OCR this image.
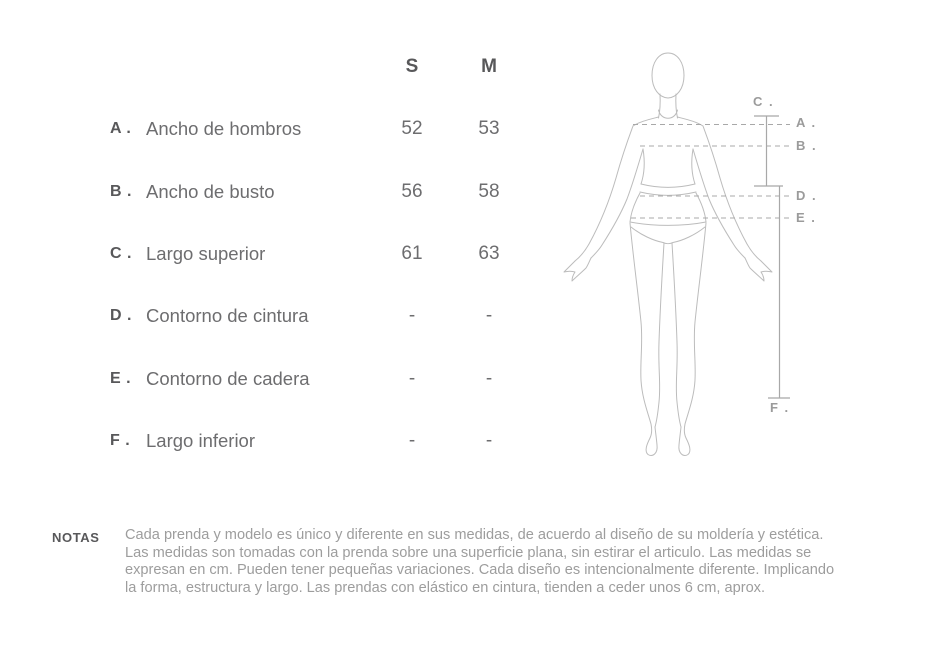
S	M
A . Ancho de hombros	52	53
B . Ancho de busto	56	58
C . Largo superior	61	63
D . Contorno de cintura	-	-
E . Contorno de cadera	-	-
F . Largo inferior	-	-
C .
A .
B .
D .
E .
F .
NOTAS	Cada prenda y modelo es único y diferente en sus medidas, de acuerdo al diseño de su moldería y estética.
Las medidas son tomadas con la prenda sobre una superficie plana, sin estirar el articulo. Las medidas se
expresan en cm. Pueden tener pequeñas variaciones. Cada diseño es intencionalmente diferente. Implicando
la forma, estructura y largo. Las prendas con elástico en cintura, tienden a ceder unos 6 cm, aprox.
